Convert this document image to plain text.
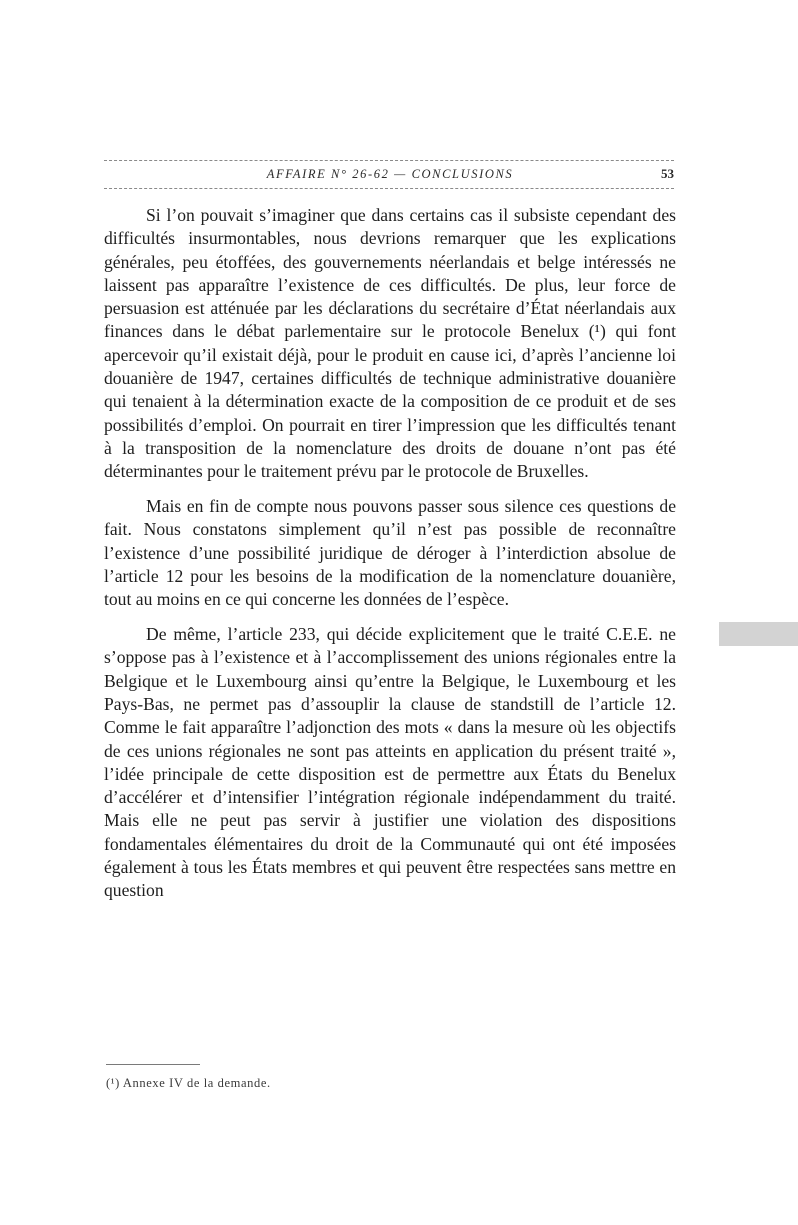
AFFAIRE N° 26-62 — CONCLUSIONS	53

Si l’on pouvait s’imaginer que dans certains cas il subsiste cependant des difficultés insurmontables, nous devrions remarquer que les explications générales, peu étoffées, des gouvernements néerlandais et belge intéressés ne laissent pas apparaître l’existence de ces difficultés. De plus, leur force de persuasion est atténuée par les déclarations du secrétaire d’État néerlandais aux finances dans le débat parlementaire sur le protocole Benelux (¹) qui font apercevoir qu’il existait déjà, pour le produit en cause ici, d’après l’ancienne loi douanière de 1947, certaines difficultés de technique administrative douanière qui tenaient à la détermination exacte de la composition de ce produit et de ses possibilités d’emploi. On pourrait en tirer l’impression que les difficultés tenant à la transposition de la nomenclature des droits de douane n’ont pas été déterminantes pour le traitement prévu par le protocole de Bruxelles.

Mais en fin de compte nous pouvons passer sous silence ces questions de fait. Nous constatons simplement qu’il n’est pas possible de reconnaître l’existence d’une possibilité juridique de déroger à l’interdiction absolue de l’article 12 pour les besoins de la modification de la nomenclature douanière, tout au moins en ce qui concerne les données de l’espèce.

De même, l’article 233, qui décide explicitement que le traité C.E.E. ne s’oppose pas à l’existence et à l’accomplissement des unions régionales entre la Belgique et le Luxembourg ainsi qu’entre la Belgique, le Luxembourg et les Pays-Bas, ne permet pas d’assouplir la clause de standstill de l’article 12. Comme le fait apparaître l’adjonction des mots « dans la mesure où les objectifs de ces unions régionales ne sont pas atteints en application du présent traité », l’idée principale de cette disposition est de permettre aux États du Benelux d’accélérer et d’intensifier l’intégration régionale indépendamment du traité. Mais elle ne peut pas servir à justifier une violation des dispositions fondamentales élémentaires du droit de la Communauté qui ont été imposées également à tous les États membres et qui peuvent être respectées sans mettre en question

(¹) Annexe IV de la demande.
